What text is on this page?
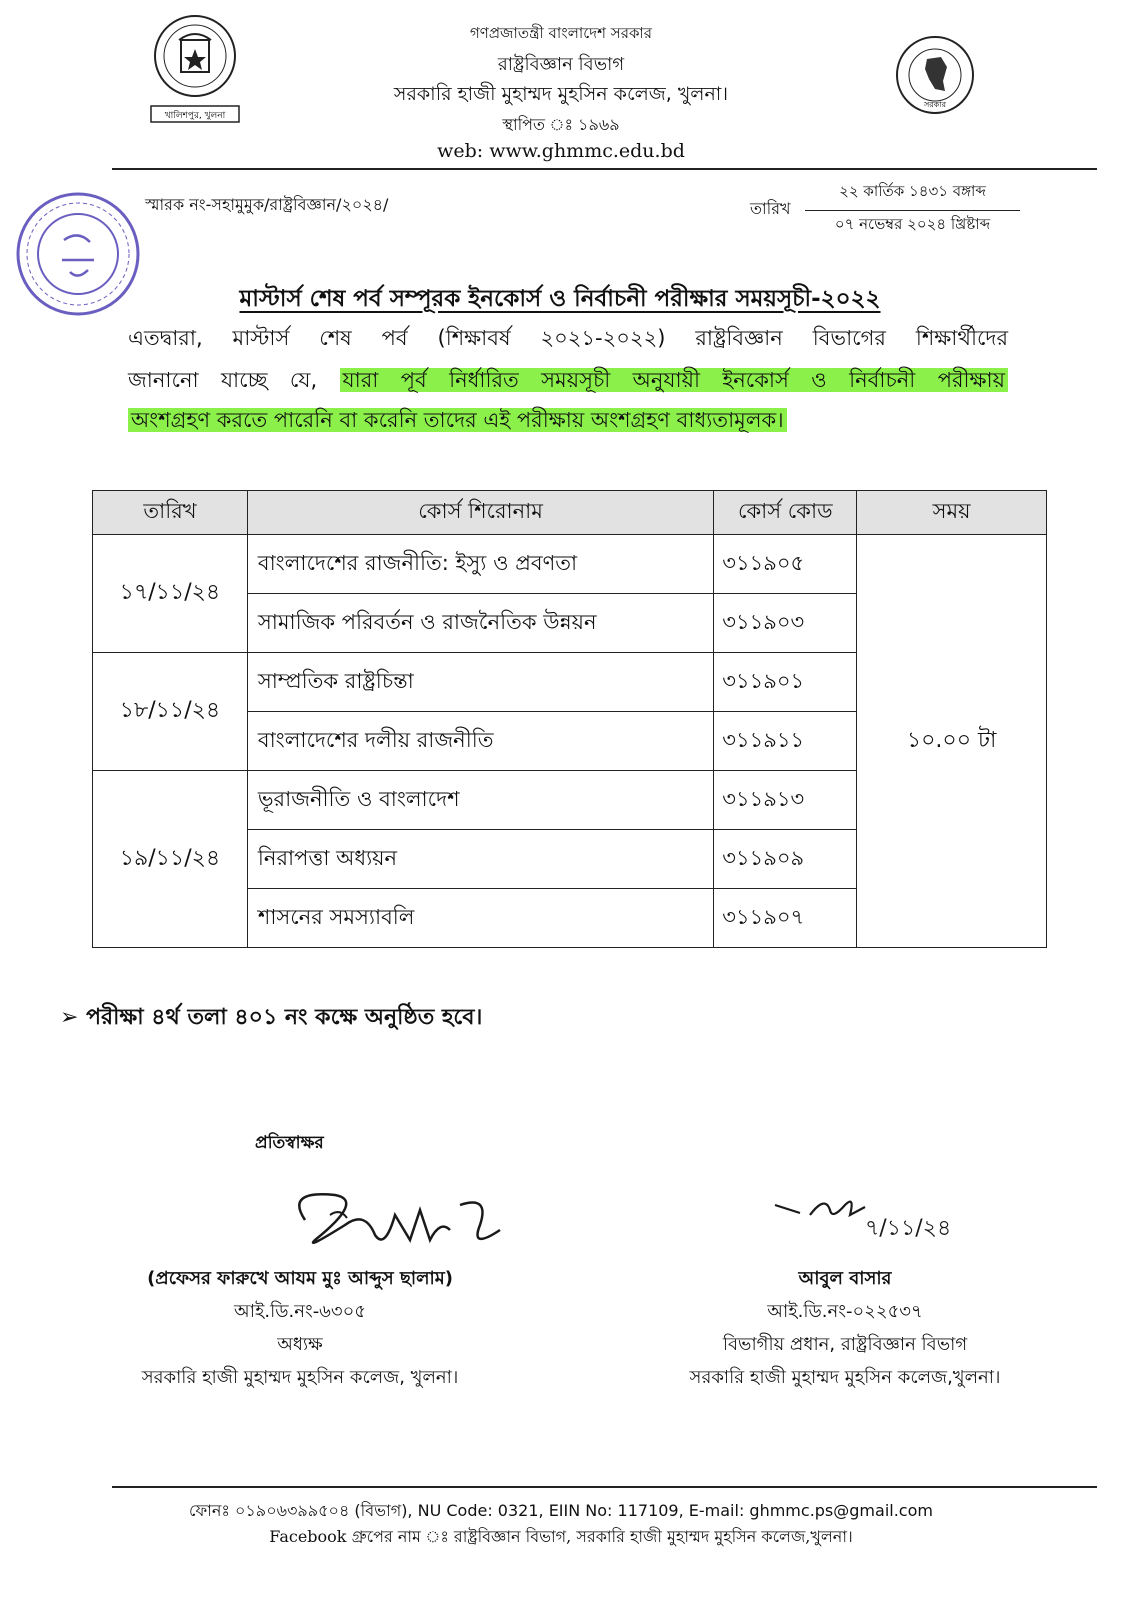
খালিশপুর, খুলনা
সরকার
গণপ্রজাতন্ত্রী বাংলাদেশ সরকার
রাষ্ট্রবিজ্ঞান বিভাগ
সরকারি হাজী মুহাম্মদ মুহসিন কলেজ, খুলনা।
স্থাপিত ঃ ১৯৬৯
web: www.ghmmc.edu.bd
স্মারক নং-সহামুমুক/রাষ্ট্রবিজ্ঞান/২০২৪/	তারিখ
২২ কার্তিক ১৪৩১ বঙ্গাব্দ
০৭ নভেম্বর ২০২৪ খ্রিষ্টাব্দ
মাস্টার্স শেষ পর্ব সম্পূরক ইনকোর্স ও নির্বাচনী পরীক্ষার সময়সূচী-২০২২
এতদ্বারা, মাস্টার্স শেষ পর্ব (শিক্ষাবর্ষ ২০২১-২০২২) রাষ্ট্রবিজ্ঞান বিভাগের শিক্ষার্থীদের
জানানো যাচ্ছে যে, যারা পূর্ব নির্ধারিত সময়সূচী অনুযায়ী ইনকোর্স ও নির্বাচনী পরীক্ষায়
অংশগ্রহণ করতে পারেনি বা করেনি তাদের এই পরীক্ষায় অংশগ্রহণ বাধ্যতামূলক।
তারিখ	কোর্স শিরোনাম	কোর্স কোড	সময়
১৭/১১/২৪	বাংলাদেশের রাজনীতি: ইস্যু ও প্রবণতা	৩১১৯০৫	১০.০০ টা
	সামাজিক পরিবর্তন ও রাজনৈতিক উন্নয়ন	৩১১৯০৩	
১৮/১১/২৪	সাম্প্রতিক রাষ্ট্রচিন্তা	৩১১৯০১	
	বাংলাদেশের দলীয় রাজনীতি	৩১১৯১১	
১৯/১১/২৪	ভূরাজনীতি ও বাংলাদেশ	৩১১৯১৩	
	নিরাপত্তা অধ্যয়ন	৩১১৯০৯	
	শাসনের সমস্যাবলি	৩১১৯০৭	
➢ পরীক্ষা ৪র্থ তলা ৪০১ নং কক্ষে অনুষ্ঠিত হবে।
প্রতিস্বাক্ষর
৭/১১/২৪
(প্রফেসর ফারুখে আযম মুঃ আব্দুস ছালাম)
আই.ডি.নং-৬৩০৫
অধ্যক্ষ
সরকারি হাজী মুহাম্মদ মুহসিন কলেজ, খুলনা।
আবুল বাসার
আই.ডি.নং-০২২৫৩৭
বিভাগীয় প্রধান, রাষ্ট্রবিজ্ঞান বিভাগ
সরকারি হাজী মুহাম্মদ মুহসিন কলেজ,খুলনা।
ফোনঃ ০১৯০৬৩৯৯৫০৪ (বিভাগ), NU Code: 0321, EIIN No: 117109, E-mail: ghmmc.ps@gmail.com
Facebook গ্রুপের নাম ঃ রাষ্ট্রবিজ্ঞান বিভাগ, সরকারি হাজী মুহাম্মদ মুহসিন কলেজ,খুলনা।
